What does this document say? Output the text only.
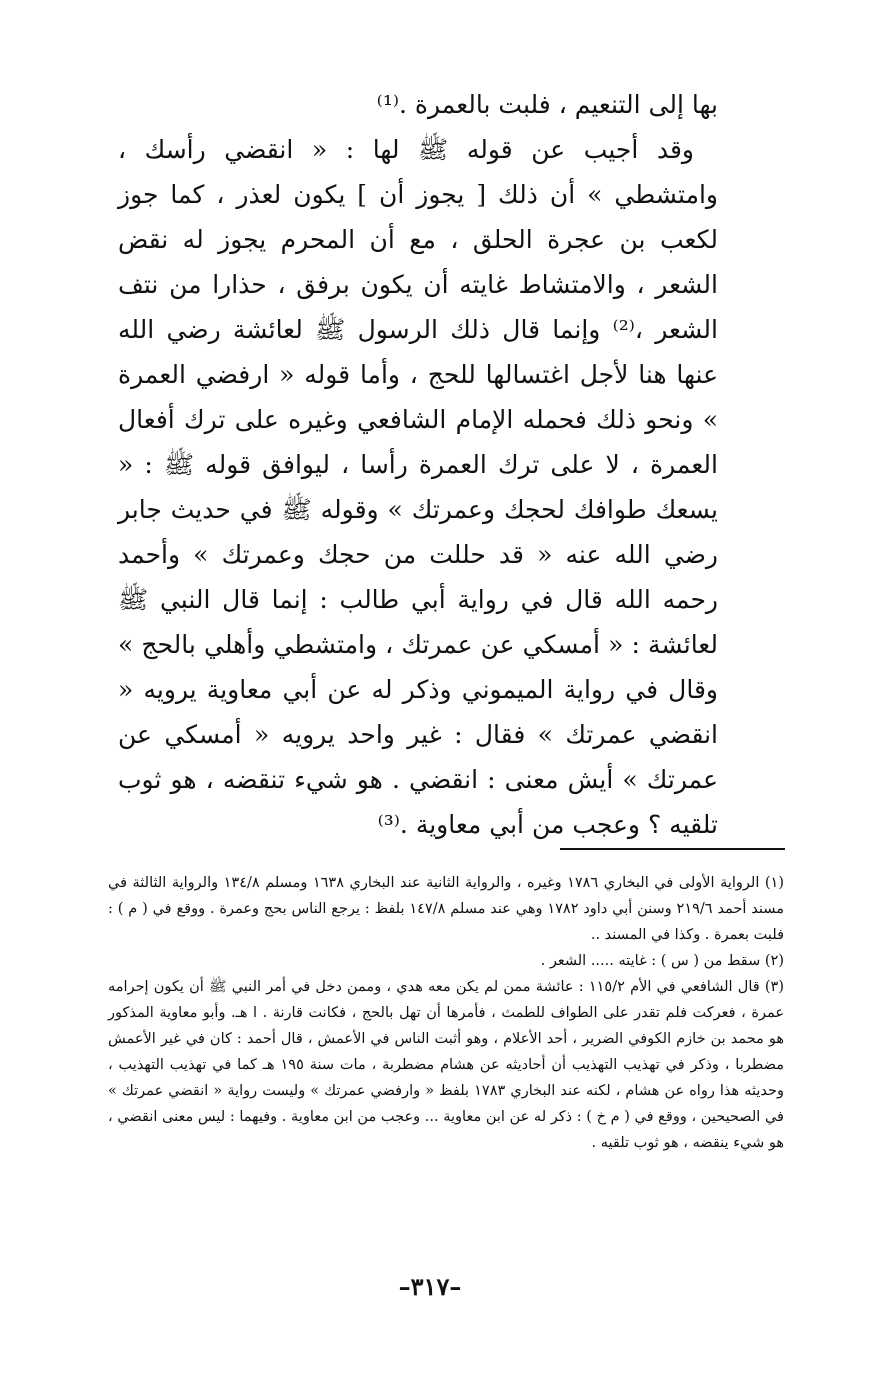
بها إلى التنعيم ، فلبت بالعمرة .⁽¹⁾

وقد أجيب عن قوله ﷺ لها : « انقضي رأسك ، وامتشطي » أن ذلك [ يجوز أن ] يكون لعذر ، كما جوز لكعب بن عجرة الحلق ، مع أن المحرم يجوز له نقض الشعر ، والامتشاط غايته أن يكون برفق ، حذارا من نتف الشعر ،⁽²⁾ وإنما قال ذلك الرسول ﷺ لعائشة رضي الله عنها هنا لأجل اغتسالها للحج ، وأما قوله « ارفضي العمرة » ونحو ذلك فحمله الإمام الشافعي وغيره على ترك أفعال العمرة ، لا على ترك العمرة رأسا ، ليوافق قوله ﷺ : « يسعك طوافك لحجك وعمرتك » وقوله ﷺ في حديث جابر رضي الله عنه « قد حللت من حجك وعمرتك » وأحمد رحمه الله قال في رواية أبي طالب : إنما قال النبي ﷺ لعائشة : « أمسكي عن عمرتك ، وامتشطي وأهلي بالحج » وقال في رواية الميموني وذكر له عن أبي معاوية يرويه « انقضي عمرتك » فقال : غير واحد يرويه « أمسكي عن عمرتك » أيش معنى : انقضي . هو شيء تنقضه ، هو ثوب تلقيه ؟ وعجب من أبي معاوية .⁽³⁾

(١) الرواية الأولى في البخاري ١٧٨٦ وغيره ، والرواية الثانية عند البخاري ١٦٣٨ ومسلم ١٣٤/٨ والرواية الثالثة في مسند أحمد ٢١٩/٦ وسنن أبي داود ١٧٨٢ وهي عند مسلم ١٤٧/٨ بلفظ : يرجع الناس بحج وعمرة . ووقع في ( م ) : فلبت بعمرة . وكذا في المسند ..

(٢) سقط من ( س ) : غايته ..... الشعر .

(٣) قال الشافعي في الأم ١١٥/٢ : عائشة ممن لم يكن معه هدي ، وممن دخل في أمر النبي ﷺ أن يكون إحرامه عمرة ، فعركت فلم تقدر على الطواف للطمث ، فأمرها أن تهل بالحج ، فكانت قارنة . ا هـ. وأبو معاوية المذكور هو محمد بن خازم الكوفي الضرير ، أحد الأعلام ، وهو أثبت الناس في الأعمش ، قال أحمد : كان في غير الأعمش مضطربا ، وذكر في تهذيب التهذيب أن أحاديثه عن هشام مضطربة ، مات سنة ١٩٥ هـ كما في تهذيب التهذيب ، وحديثه هذا رواه عن هشام ، لكنه عند البخاري ١٧٨٣ بلفظ « وارفضي عمرتك » وليست رواية « انقضي عمرتك » في الصحيحين ، ووقع في ( م خ ) : ذكر له عن ابن معاوية ... وعجب من ابن معاوية . وفيهما : ليس معنى انقضي ، هو شيء ينقضه ، هو ثوب تلقيه .

–٣١٧–
